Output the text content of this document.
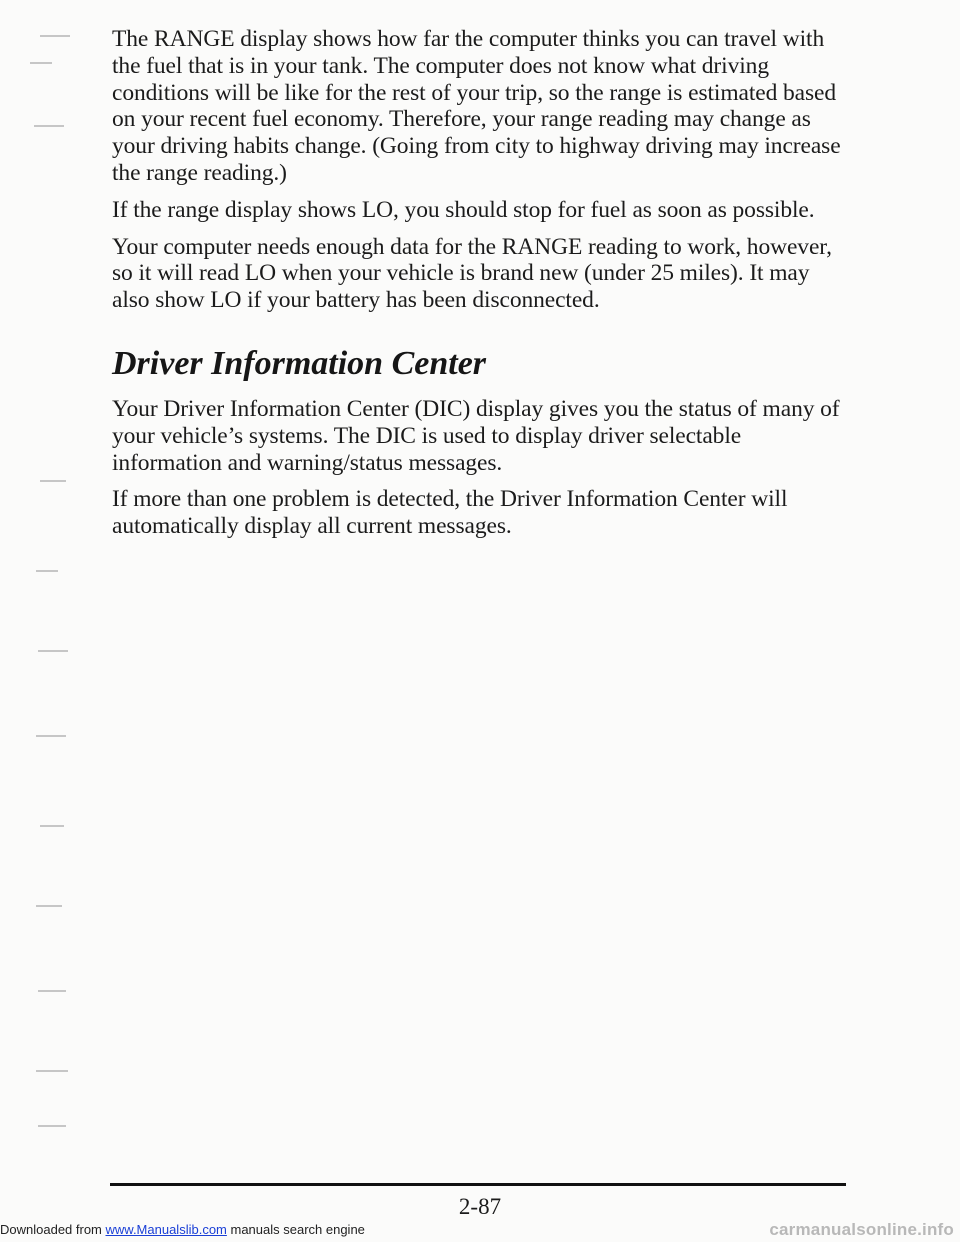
The RANGE display shows how far the computer thinks you can travel with the fuel that is in your tank. The computer does not know what driving conditions will be like for the rest of your trip, so the range is estimated based on your recent fuel economy. Therefore, your range reading may change as your driving habits change. (Going from city to highway driving may increase the range reading.)

If the range display shows LO, you should stop for fuel as soon as possible.

Your computer needs enough data for the RANGE reading to work, however, so it will read LO when your vehicle is brand new (under 25 miles). It may also show LO if your battery has been disconnected.

Driver Information Center

Your Driver Information Center (DIC) display gives you the status of many of your vehicle’s systems. The DIC is used to display driver selectable information and warning/status messages.

If more than one problem is detected, the Driver Information Center will automatically display all current messages.

2-87
Downloaded from www.Manualslib.com manuals search engine	carmanualsonline.info
